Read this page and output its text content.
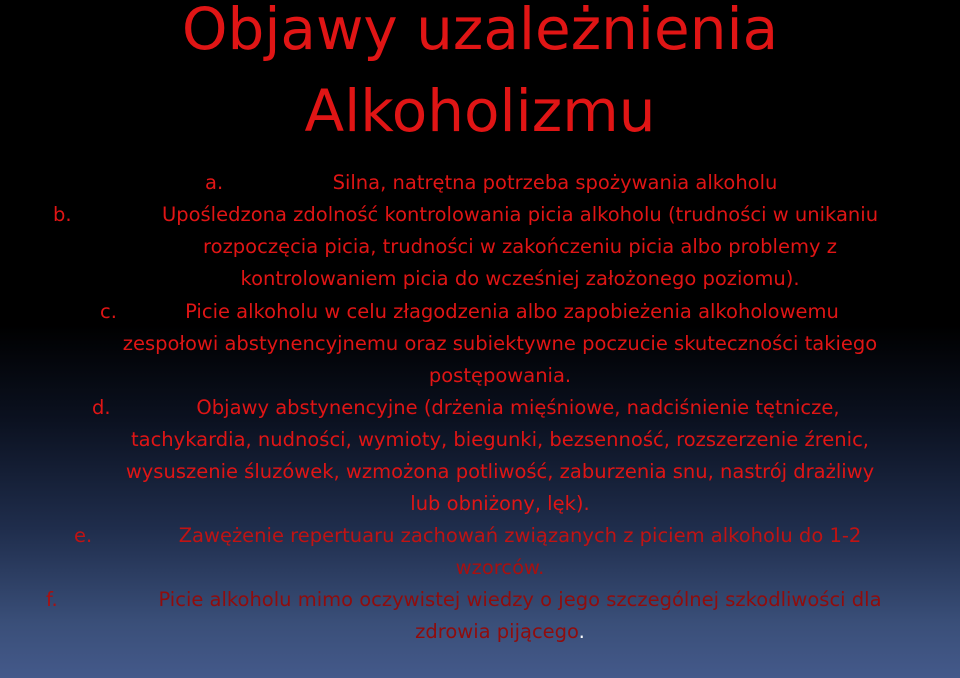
Objawy uzależnienia
Alkoholizmu
a.	Silna, natrętna potrzeba spożywania alkoholu
b.	Upośledzona zdolność kontrolowania picia alkoholu (trudności w unikaniu
rozpoczęcia picia, trudności w zakończeniu picia albo problemy z
kontrolowaniem picia do wcześniej założonego poziomu).
c.	Picie alkoholu w celu złagodzenia albo zapobieżenia alkoholowemu
zespołowi abstynencyjnemu oraz subiektywne poczucie skuteczności takiego
postępowania.
d.	Objawy abstynencyjne (drżenia mięśniowe, nadciśnienie tętnicze,
tachykardia, nudności, wymioty, biegunki, bezsenność, rozszerzenie źrenic,
wysuszenie śluzówek, wzmożona potliwość, zaburzenia snu, nastrój drażliwy
lub obniżony, lęk).
e.	Zawężenie repertuaru zachowań związanych z piciem alkoholu do 1-2
wzorców.
f.	Picie alkoholu mimo oczywistej wiedzy o jego szczególnej szkodliwości dla
zdrowia pijącego.
